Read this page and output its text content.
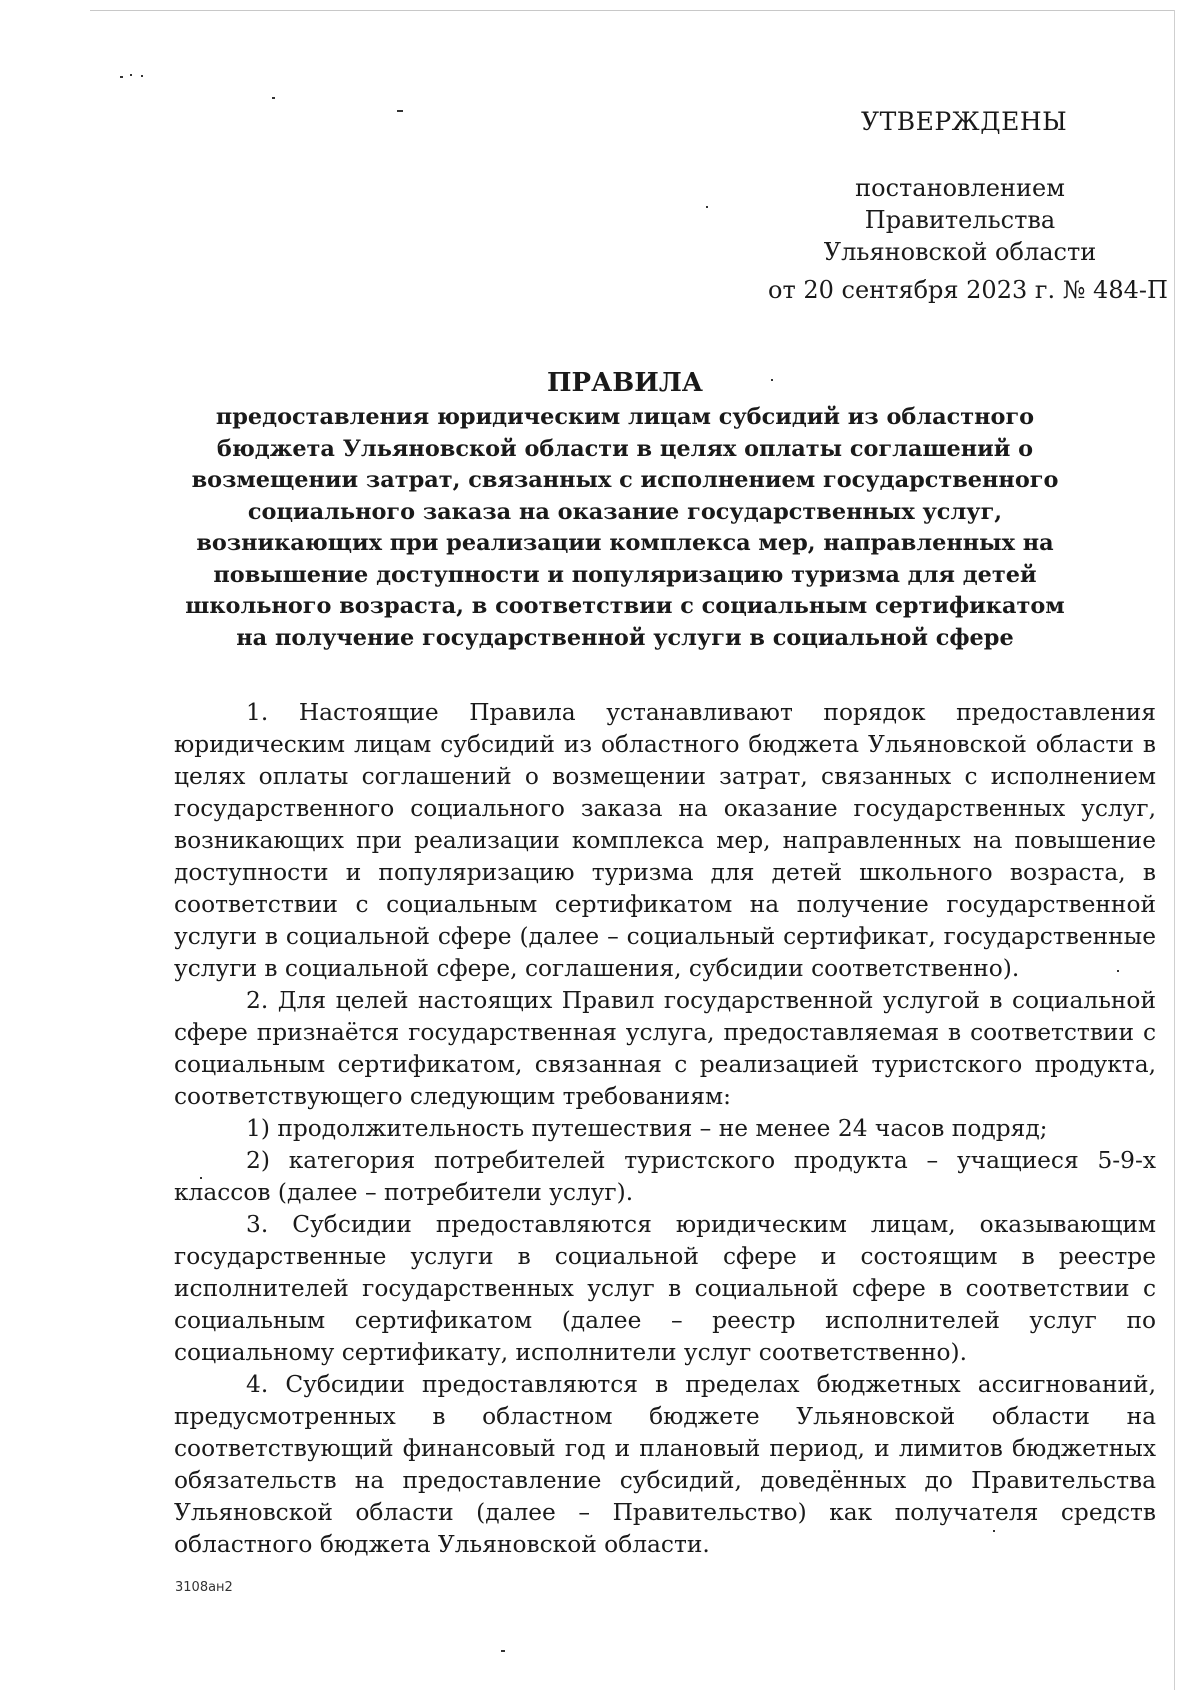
УТВЕРЖДЕНЫ
постановлением Правительства
Ульяновской области
от 20 сентября 2023 г. № 484-П
ПРАВИЛА
предоставления юридическим лицам субсидий из областного бюджета Ульяновской области в целях оплаты соглашений о возмещении затрат, связанных с исполнением государственного социального заказа на оказание государственных услуг, возникающих при реализации комплекса мер, направленных на повышение доступности и популяризацию туризма для детей школьного возраста, в соответствии с социальным сертификатом на получение государственной услуги в социальной сфере

1. Настоящие Правила устанавливают порядок предоставления юридическим лицам субсидий из областного бюджета Ульяновской области в целях оплаты соглашений о возмещении затрат, связанных с исполнением государственного социального заказа на оказание государственных услуг, возникающих при реализации комплекса мер, направленных на повышение доступности и популяризацию туризма для детей школьного возраста, в соответствии с социальным сертификатом на получение государственной услуги в социальной сфере (далее – социальный сертификат, государственные услуги в социальной сфере, соглашения, субсидии соответственно).

2. Для целей настоящих Правил государственной услугой в социальной сфере признаётся государственная услуга, предоставляемая в соответствии с социальным сертификатом, связанная с реализацией туристского продукта, соответствующего следующим требованиям:

1) продолжительность путешествия – не менее 24 часов подряд;

2) категория потребителей туристского продукта – учащиеся 5-9-х классов (далее – потребители услуг).

3. Субсидии предоставляются юридическим лицам, оказывающим государственные услуги в социальной сфере и состоящим в реестре исполнителей государственных услуг в социальной сфере в соответствии с социальным сертификатом (далее – реестр исполнителей услуг по социальному сертификату, исполнители услуг соответственно).

4. Субсидии предоставляются в пределах бюджетных ассигнований, предусмотренных в областном бюджете Ульяновской области на соответствующий финансовый год и плановый период, и лимитов бюджетных обязательств на предоставление субсидий, доведённых до Правительства Ульяновской области (далее – Правительство) как получателя средств областного бюджета Ульяновской области.

3108ан2
